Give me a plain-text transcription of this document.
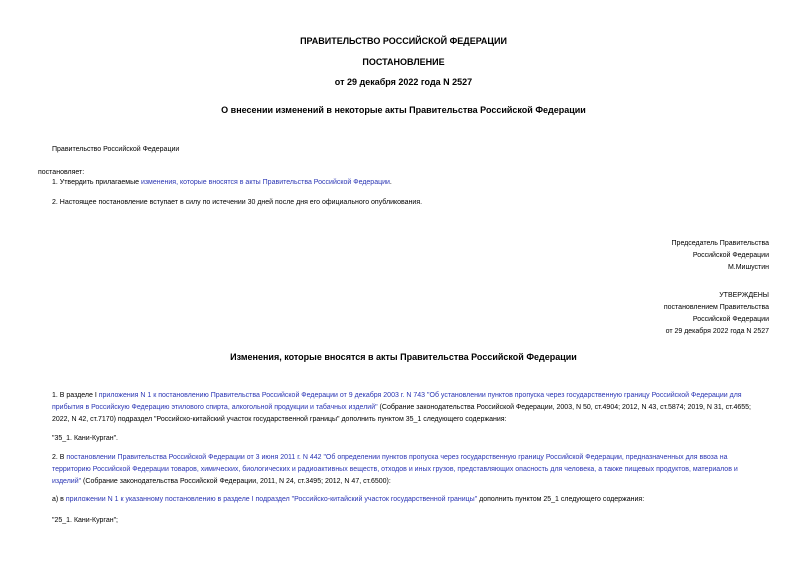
ПРАВИТЕЛЬСТВО РОССИЙСКОЙ ФЕДЕРАЦИИ
ПОСТАНОВЛЕНИЕ
от 29 декабря 2022 года N 2527
О внесении изменений в некоторые акты Правительства Российской Федерации
Правительство Российской Федерации
постановляет:
1. Утвердить прилагаемые изменения, которые вносятся в акты Правительства Российской Федерации.
2. Настоящее постановление вступает в силу по истечении 30 дней после дня его официального опубликования.
Председатель Правительства
Российской Федерации
М.Мишустин
УТВЕРЖДЕНЫ
постановлением Правительства
Российской Федерации
от 29 декабря 2022 года N 2527
Изменения, которые вносятся в акты Правительства Российской Федерации
1. В разделе I приложения N 1 к постановлению Правительства Российской Федерации от 9 декабря 2003 г. N 743 "Об установлении пунктов пропуска через государственную границу Российской Федерации для прибытия в Российскую Федерацию этилового спирта, алкогольной продукции и табачных изделий" (Собрание законодательства Российской Федерации, 2003, N 50, ст.4904; 2012, N 43, ст.5874; 2019, N 31, ст.4655; 2022, N 42, ст.7170) подраздел "Российско-китайский участок государственной границы" дополнить пунктом 35_1 следующего содержания:
"35_1. Кани-Курган".
2. В постановлении Правительства Российской Федерации от 3 июня 2011 г. N 442 "Об определении пунктов пропуска через государственную границу Российской Федерации, предназначенных для ввоза на территорию Российской Федерации товаров, химических, биологических и радиоактивных веществ, отходов и иных грузов, представляющих опасность для человека, а также пищевых продуктов, материалов и изделий" (Собрание законодательства Российской Федерации, 2011, N 24, ст.3495; 2012, N 47, ст.6500):
а) в приложении N 1 к указанному постановлению в разделе I подраздел "Российско-китайский участок государственной границы" дополнить пунктом 25_1 следующего содержания:
"25_1. Кани-Курган";
